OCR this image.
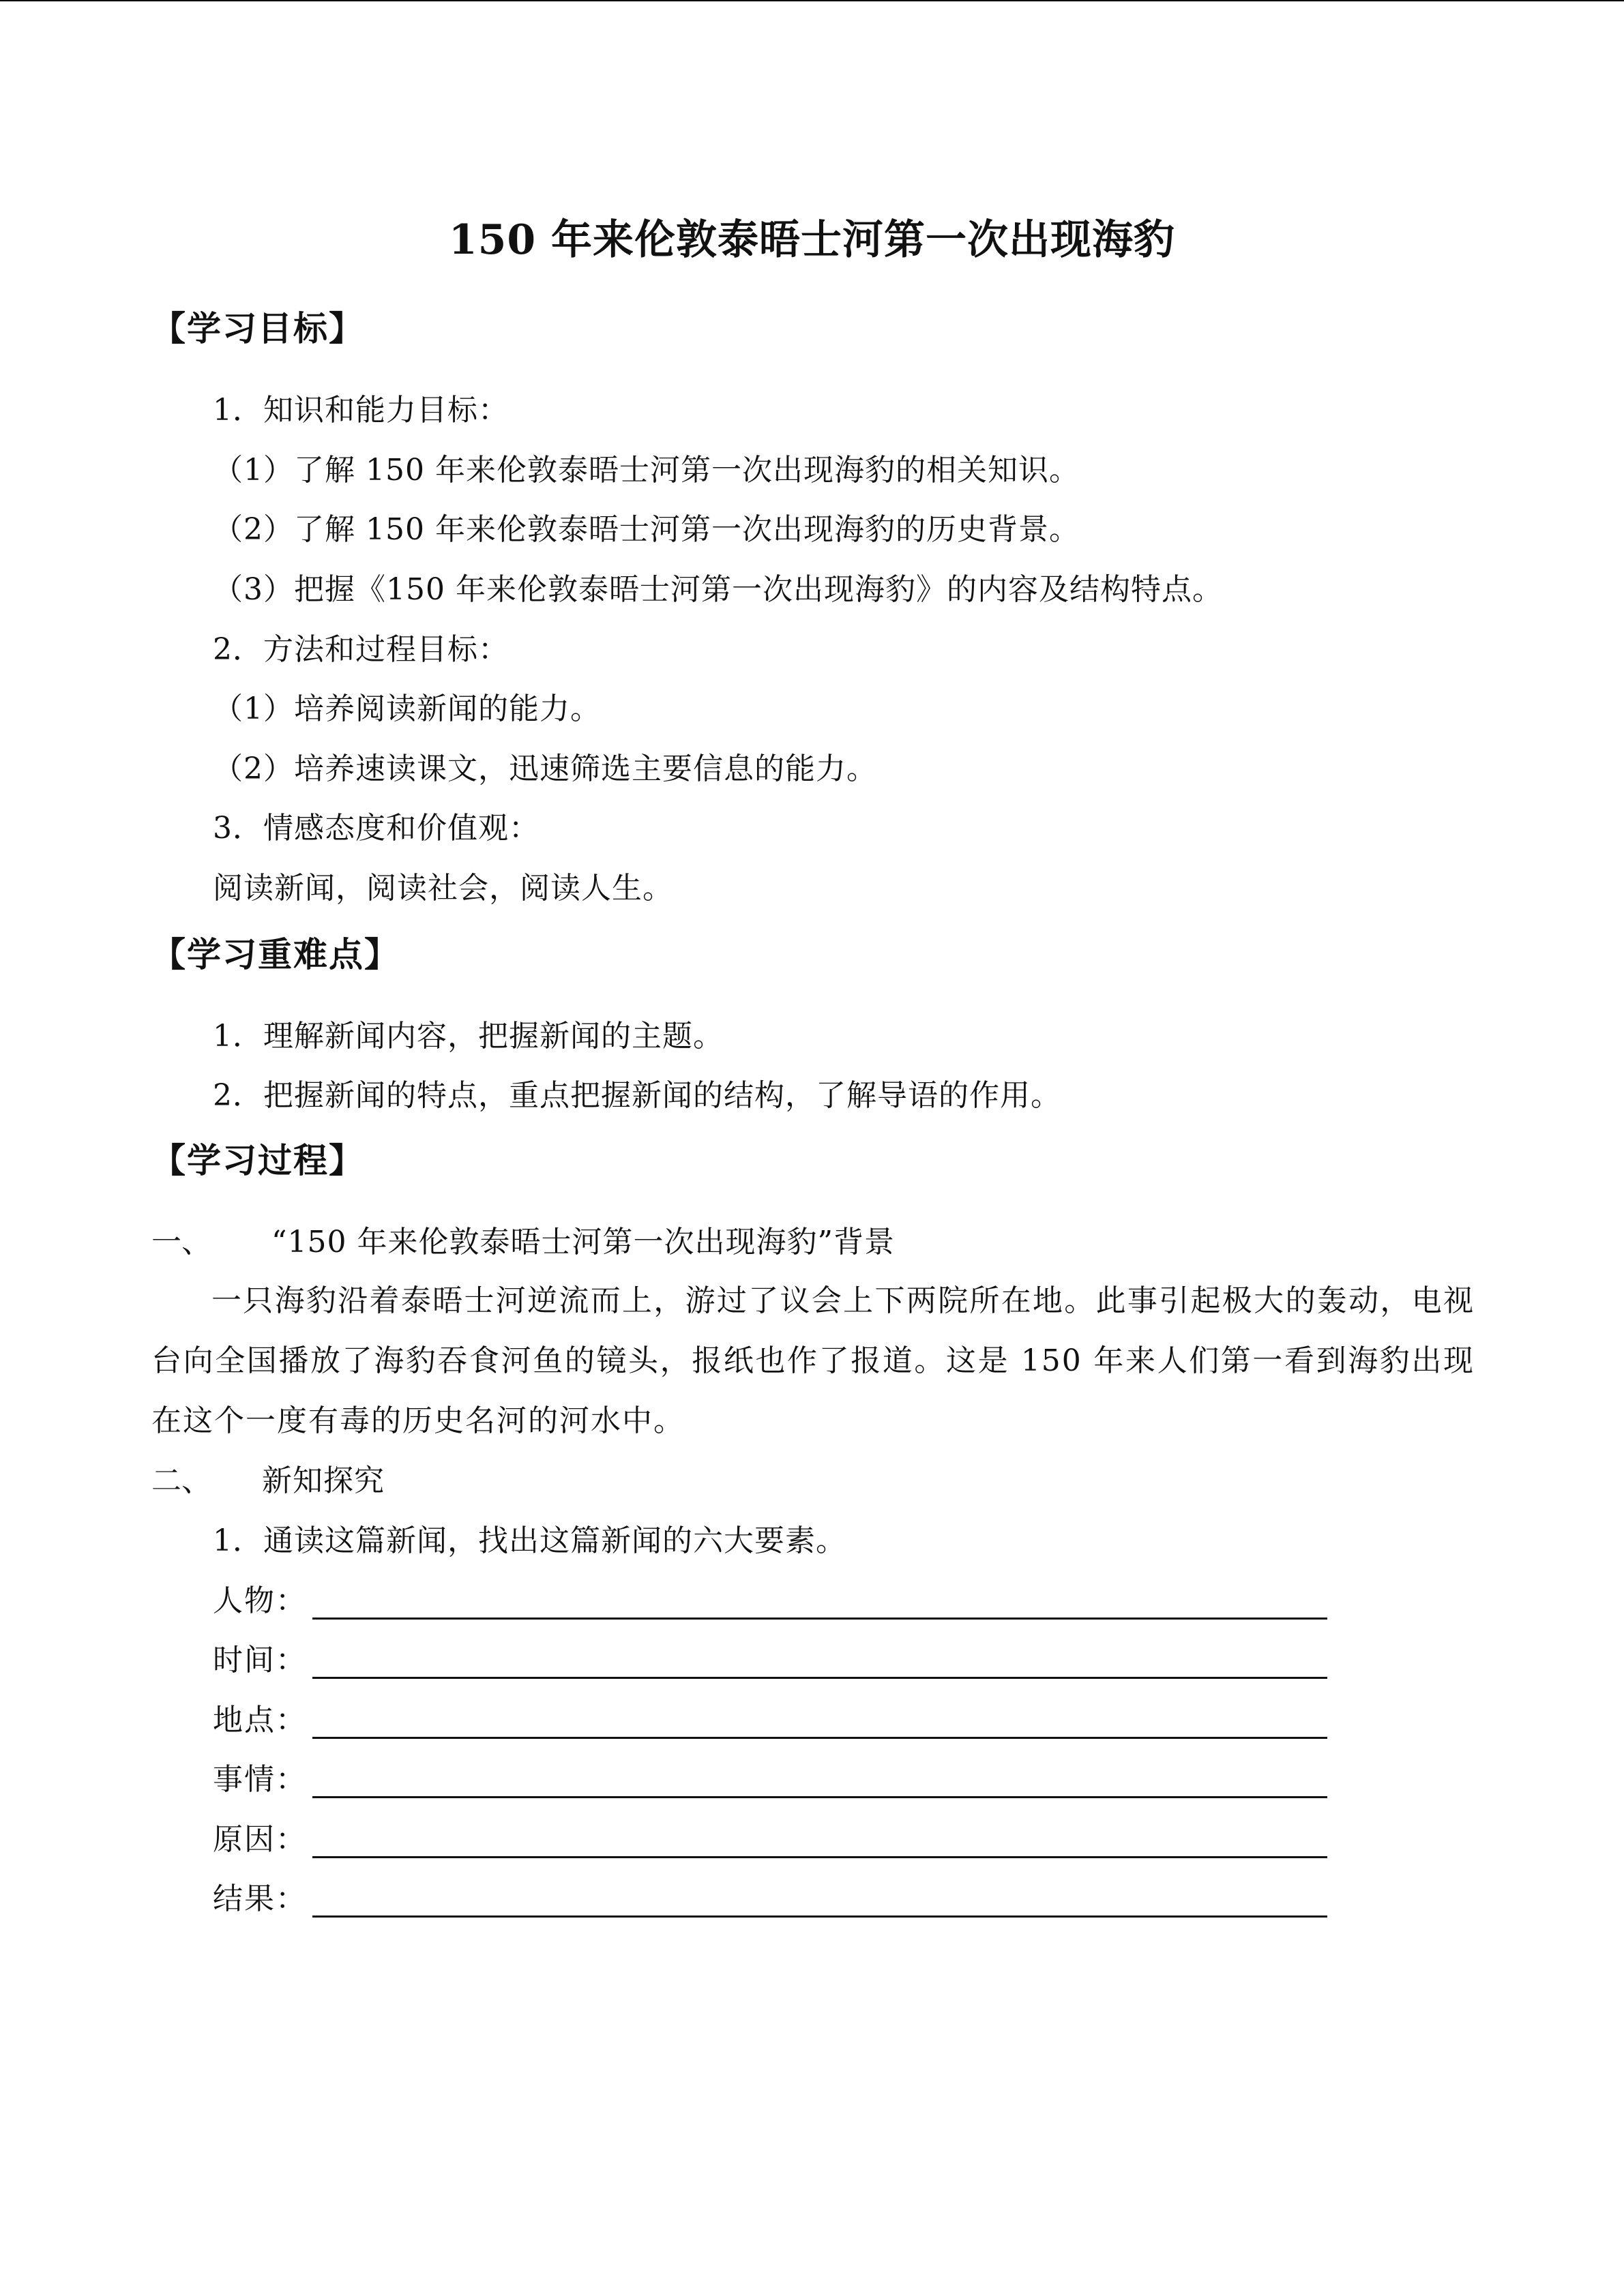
150 年来伦敦泰晤士河第一次出现海豹
【学习目标】
1．知识和能力目标：
（1）了解 150 年来伦敦泰晤士河第一次出现海豹的相关知识。
（2）了解 150 年来伦敦泰晤士河第一次出现海豹的历史背景。
（3）把握《150 年来伦敦泰晤士河第一次出现海豹》的内容及结构特点。
2．方法和过程目标：
（1）培养阅读新闻的能力。
（2）培养速读课文，迅速筛选主要信息的能力。
3．情感态度和价值观：
阅读新闻，阅读社会，阅读人生。
【学习重难点】
1．理解新闻内容，把握新闻的主题。
2．把握新闻的特点，重点把握新闻的结构，了解导语的作用。
【学习过程】
一、 “150 年来伦敦泰晤士河第一次出现海豹”背景
一只海豹沿着泰晤士河逆流而上，游过了议会上下两院所在地。此事引起极大的轰动，电视台向全国播放了海豹吞食河鱼的镜头，报纸也作了报道。这是 150 年来人们第一看到海豹出现在这个一度有毒的历史名河的河水中。
二、 新知探究
1．通读这篇新闻，找出这篇新闻的六大要素。
人物：
时间：
地点：
事情：
原因：
结果：
